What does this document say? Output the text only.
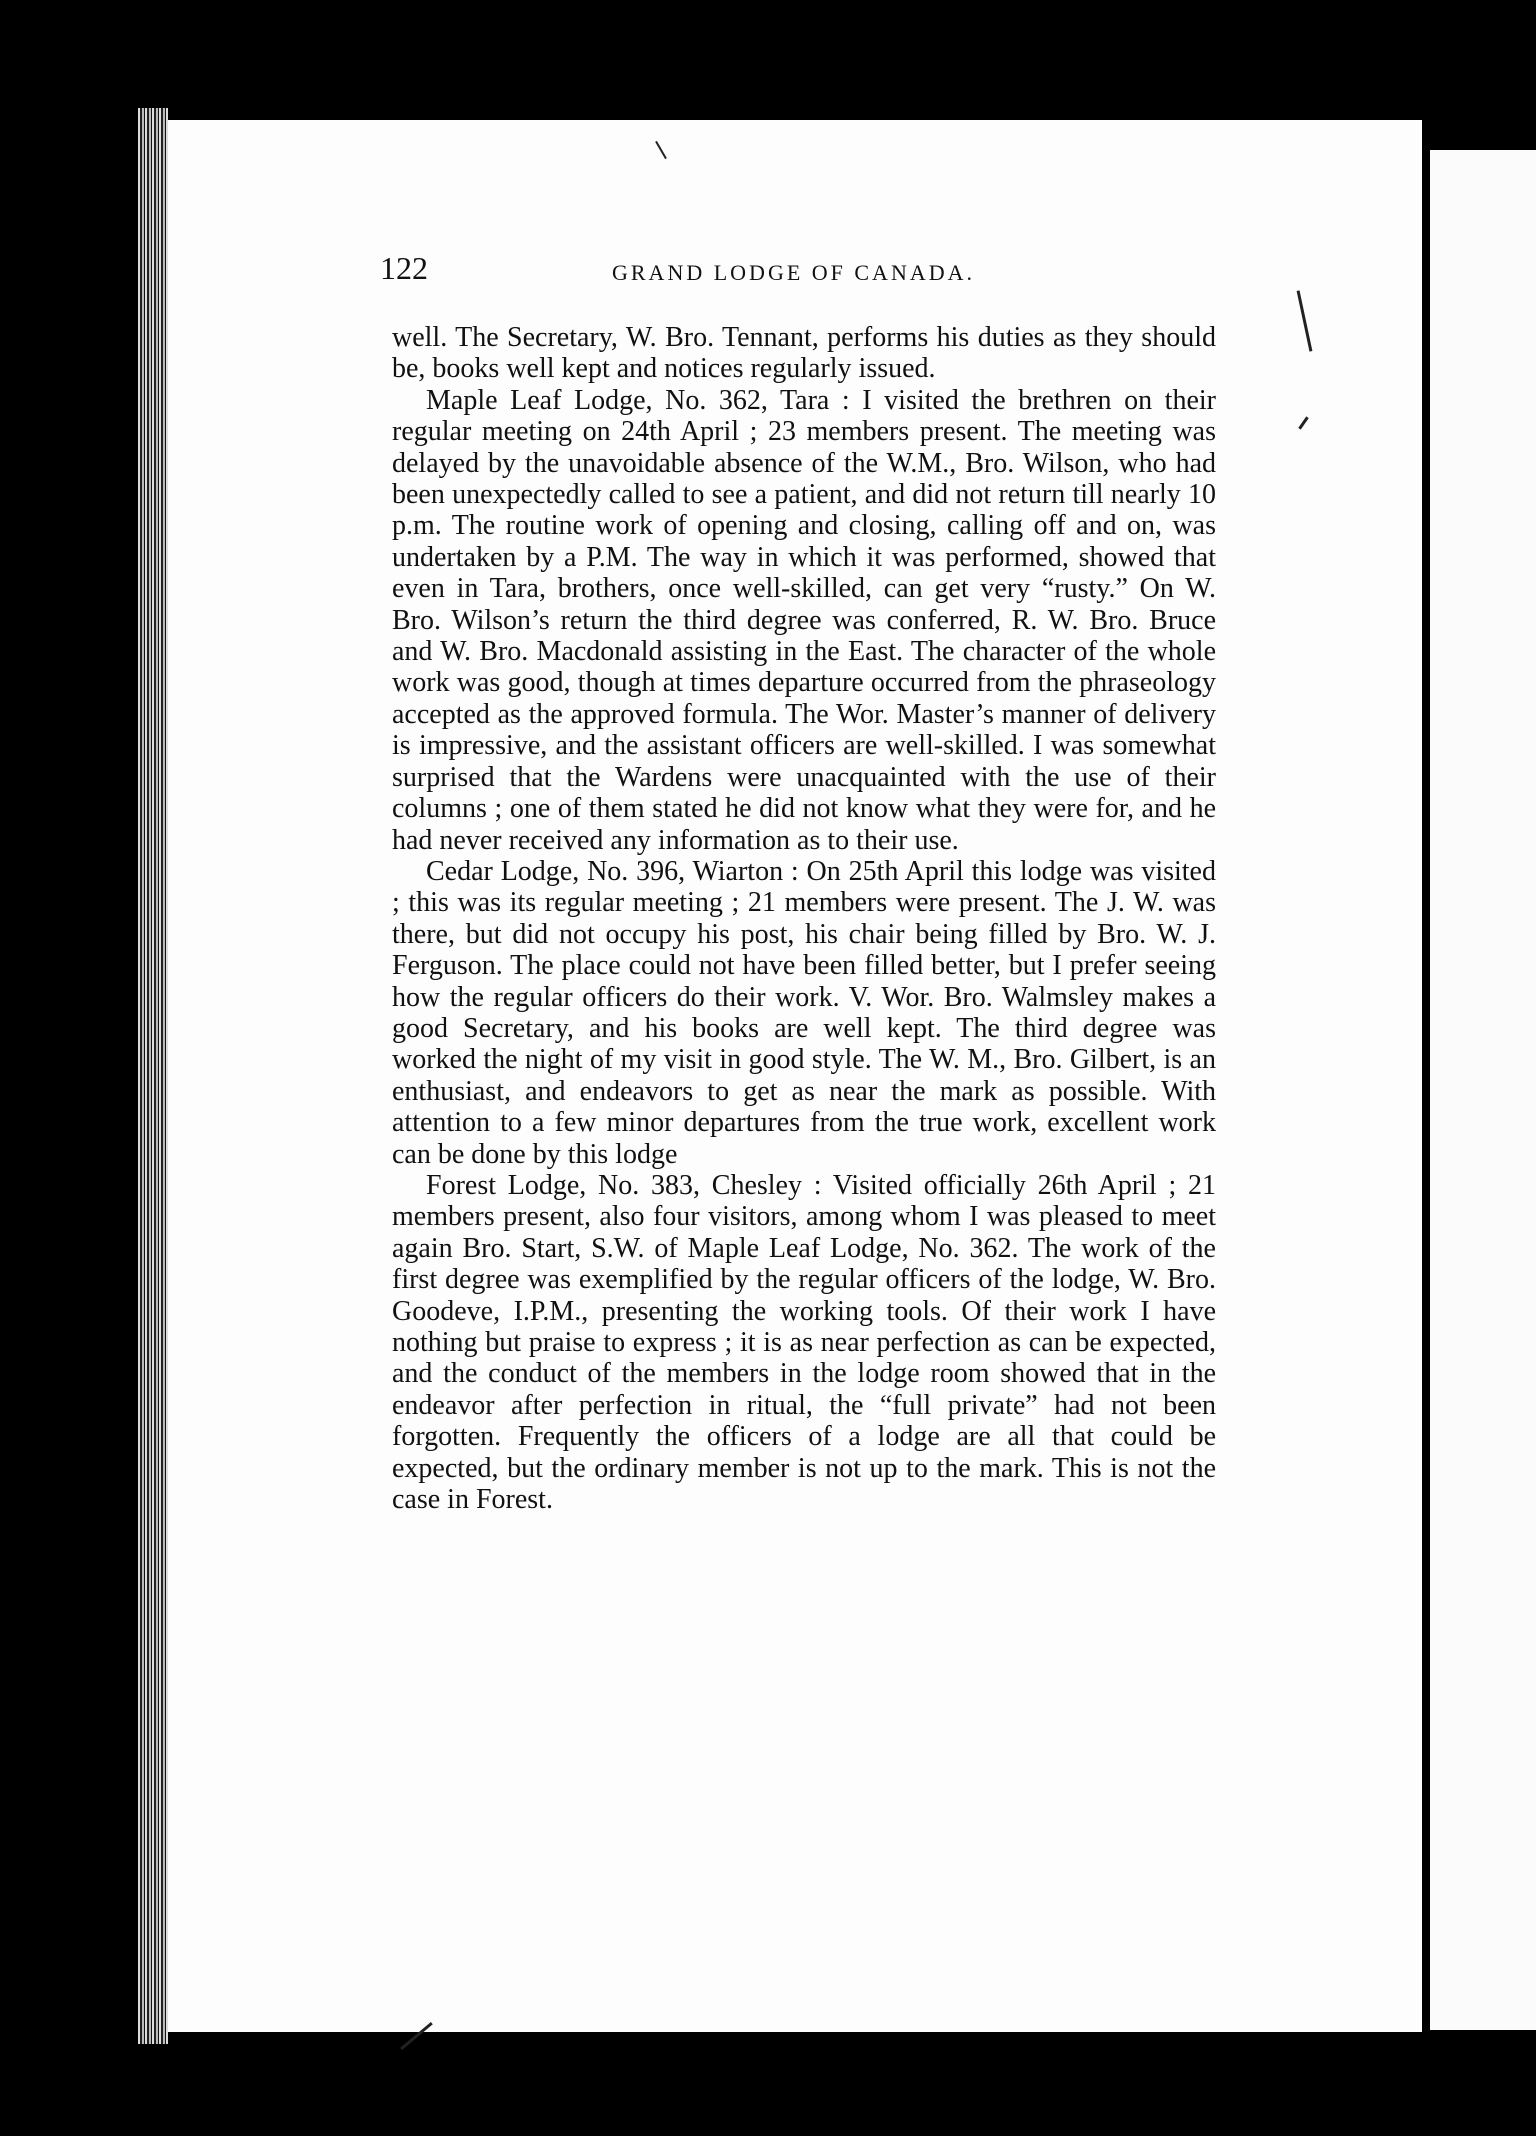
122	GRAND LODGE OF CANADA.

well. The Secretary, W. Bro. Tennant, performs his duties as they should be, books well kept and notices regularly issued.

Maple Leaf Lodge, No. 362, Tara : I visited the brethren on their regular meeting on 24th April ; 23 members present. The meeting was delayed by the unavoidable absence of the W.M., Bro. Wilson, who had been unexpectedly called to see a patient, and did not return till nearly 10 p.m. The routine work of opening and closing, calling off and on, was undertaken by a P.M. The way in which it was performed, showed that even in Tara, brothers, once well-skilled, can get very “rusty.” On W. Bro. Wilson’s return the third degree was conferred, R. W. Bro. Bruce and W. Bro. Macdonald assisting in the East. The character of the whole work was good, though at times departure occurred from the phraseology accepted as the approved formula. The Wor. Master’s manner of delivery is impressive, and the assistant officers are well-skilled. I was somewhat surprised that the Wardens were unacquainted with the use of their columns ; one of them stated he did not know what they were for, and he had never received any information as to their use.

Cedar Lodge, No. 396, Wiarton : On 25th April this lodge was visited ; this was its regular meeting ; 21 members were present. The J. W. was there, but did not occupy his post, his chair being filled by Bro. W. J. Ferguson. The place could not have been filled better, but I prefer seeing how the regular officers do their work. V. Wor. Bro. Walmsley makes a good Secretary, and his books are well kept. The third degree was worked the night of my visit in good style. The W. M., Bro. Gilbert, is an enthusiast, and endeavors to get as near the mark as possible. With attention to a few minor departures from the true work, excellent work can be done by this lodge

Forest Lodge, No. 383, Chesley : Visited officially 26th April ; 21 members present, also four visitors, among whom I was pleased to meet again Bro. Start, S.W. of Maple Leaf Lodge, No. 362. The work of the first degree was exemplified by the regular officers of the lodge, W. Bro. Goodeve, I.P.M., presenting the working tools. Of their work I have nothing but praise to express ; it is as near perfection as can be expected, and the conduct of the members in the lodge room showed that in the endeavor after perfection in ritual, the “full private” had not been forgotten. Frequently the officers of a lodge are all that could be expected, but the ordinary member is not up to the mark. This is not the case in Forest.
